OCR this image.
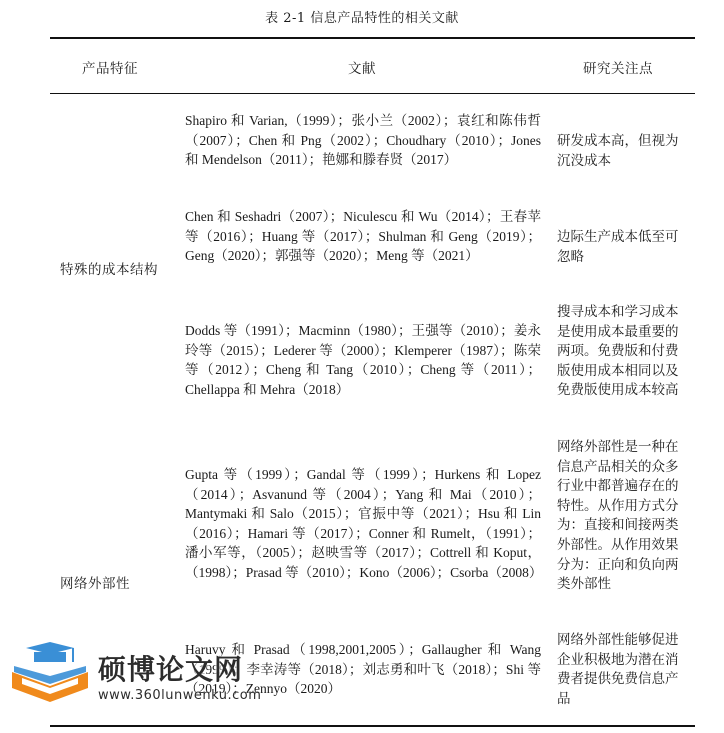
表 2-1 信息产品特性的相关文献
产品特征	文献	研究关注点
特殊的成本结构
网络外部性
Shapiro 和 Varian,（1999）；张小兰（2002）；袁红和陈伟哲（2007）；Chen 和 Png（2002）；Choudhary（2010）；Jones 和 Mendelson（2011）；艳娜和滕春贤（2017）
研发成本高，但视为沉没成本
Chen 和 Seshadri（2007）；Niculescu 和 Wu（2014）；王春苹等（2016）；Huang 等（2017）；Shulman 和 Geng（2019）；Geng（2020）；郭强等（2020）；Meng 等（2021）
边际生产成本低至可忽略
Dodds 等（1991）；Macminn（1980）；王强等（2010）；姜永玲等（2015）；Lederer 等（2000）；Klemperer（1987）；陈荣等（2012）；Cheng 和 Tang（2010）；Cheng 等（2011）；Chellappa 和 Mehra（2018）
搜寻成本和学习成本是使用成本最重要的两项。免费版和付费版使用成本相同以及免费版使用成本较高
Gupta 等（1999）；Gandal 等（1999）；Hurkens 和 Lopez（2014）；Asvanund 等（2004）；Yang 和 Mai（2010）；Mantymaki 和 Salo（2015）；官振中等（2021）；Hsu 和 Lin（2016）；Hamari 等（2017）；Conner 和 Rumelt，（1991）；潘小军等，（2005）；赵映雪等（2017）；Cottrell 和 Koput，（1998）；Prasad 等（2010）；Kono（2006）；Csorba（2008）
网络外部性是一种在信息产品相关的众多行业中都普遍存在的特性。从作用方式分为：直接和间接两类外部性。从作用效果分为：正向和负向两类外部性
Haruvy 和 Prasad（1998,2001,2005）；Gallaugher 和 Wang（1999）；李幸涛等（2018）；刘志勇和叶飞（2018）；Shi 等（2019）；Zennyo（2020）
网络外部性能够促进企业积极地为潜在消费者提供免费信息产品
硕博论文网
www.360lunwenku.com
